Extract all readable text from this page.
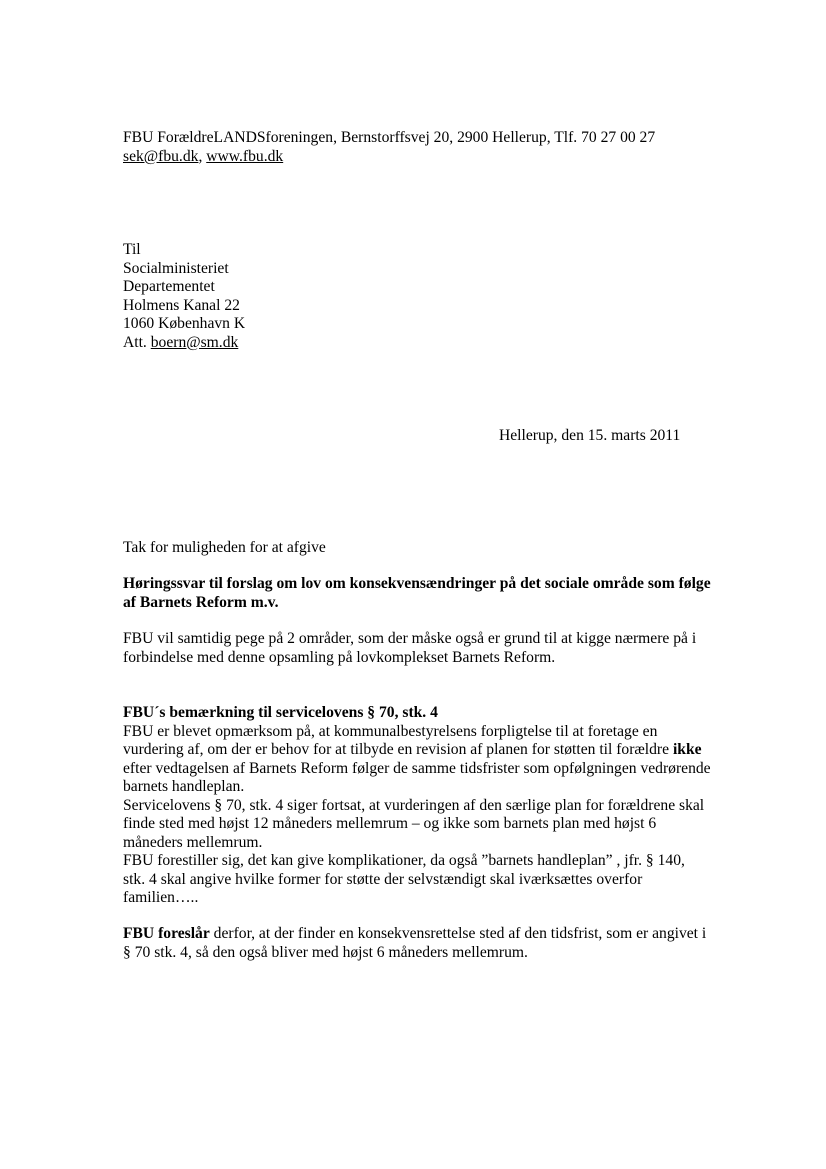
FBU ForældreLANDSforeningen, Bernstorffsvej 20, 2900 Hellerup, Tlf. 70 27 00 27
sek@fbu.dk, www.fbu.dk
Til
Socialministeriet
Departementet
Holmens Kanal 22
1060 København K
Att. boern@sm.dk
Hellerup, den 15. marts 2011
Tak for muligheden for at afgive
Høringssvar til forslag om lov om konsekvensændringer på det sociale område som følge
af Barnets Reform m.v.
FBU vil samtidig pege på 2 områder, som der måske også er grund til at kigge nærmere på i
forbindelse med denne opsamling på lovkomplekset Barnets Reform.
FBU´s bemærkning til servicelovens § 70, stk. 4
FBU er blevet opmærksom på, at kommunalbestyrelsens forpligtelse til at foretage en
vurdering af, om der er behov for at tilbyde en revision af planen for støtten til forældre ikke
efter vedtagelsen af Barnets Reform følger de samme tidsfrister som opfølgningen vedrørende
barnets handleplan.
Servicelovens § 70, stk. 4 siger fortsat, at vurderingen af den særlige plan for forældrene skal
finde sted med højst 12 måneders mellemrum – og ikke som barnets plan med højst 6
måneders mellemrum.
FBU forestiller sig, det kan give komplikationer, da også ”barnets handleplan” , jfr. § 140,
stk. 4 skal angive hvilke former for støtte der selvstændigt skal iværksættes overfor
familien…..
FBU foreslår derfor, at der finder en konsekvensrettelse sted af den tidsfrist, som er angivet i
§ 70 stk. 4, så den også bliver med højst 6 måneders mellemrum.
